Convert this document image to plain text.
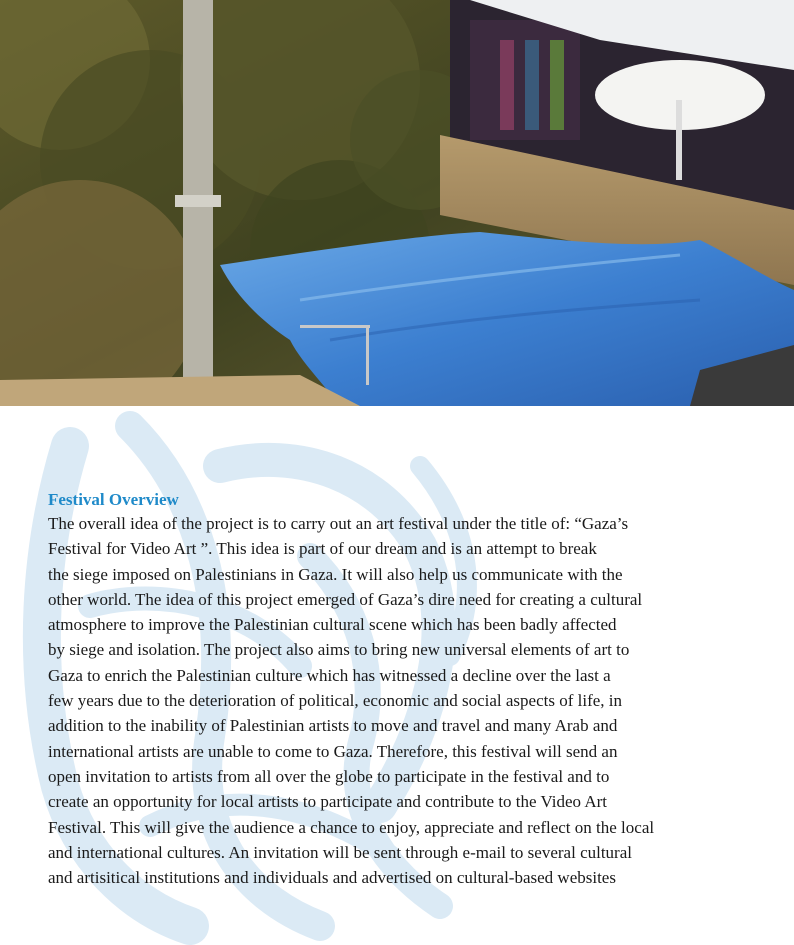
Festival Overview

The overall idea of the project is to carry out an art festival under the title of: “Gaza’s
Festival for Video Art ”. This idea is part of our dream and is an attempt to break
the siege imposed on Palestinians in Gaza. It will also help us communicate with the
other world. The idea of this project emerged of Gaza’s dire need for creating a cultural
atmosphere to improve the Palestinian cultural scene which has been badly affected
by siege and isolation. The project also aims to bring new universal elements of art to
Gaza to enrich the Palestinian culture which has witnessed a decline over the last a
few years due to the deterioration of political, economic and social aspects of life, in
addition to the inability of Palestinian artists to move and travel and many Arab and
international artists are unable to come to Gaza. Therefore, this festival will send an
open invitation to artists from all over the globe to participate in the festival and to
create an opportunity for local artists to participate and contribute to the Video Art
Festival. This will give the audience a chance to enjoy, appreciate and reflect on the local
and international cultures. An invitation will be sent through e-mail to several cultural
and artisitical institutions and individuals and advertised on cultural-based websites
